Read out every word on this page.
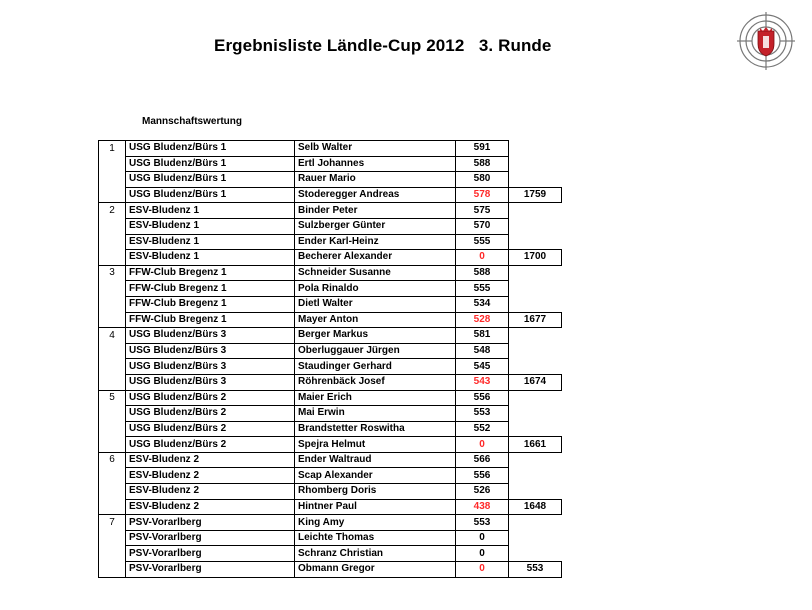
Ergebnisliste Ländle-Cup 2012   3. Runde
Mannschaftswertung
1	USG Bludenz/Bürs 1	Selb Walter	591	
	USG Bludenz/Bürs 1	Ertl Johannes	588	
	USG Bludenz/Bürs 1	Rauer Mario	580	
	USG Bludenz/Bürs 1	Stoderegger Andreas	578	1759
2	ESV-Bludenz 1	Binder Peter	575	
	ESV-Bludenz 1	Sulzberger Günter	570	
	ESV-Bludenz 1	Ender Karl-Heinz	555	
	ESV-Bludenz 1	Becherer Alexander	0	1700
3	FFW-Club Bregenz 1	Schneider Susanne	588	
	FFW-Club Bregenz 1	Pola Rinaldo	555	
	FFW-Club Bregenz 1	Dietl Walter	534	
	FFW-Club Bregenz 1	Mayer Anton	528	1677
4	USG Bludenz/Bürs 3	Berger Markus	581	
	USG Bludenz/Bürs 3	Oberluggauer Jürgen	548	
	USG Bludenz/Bürs 3	Staudinger Gerhard	545	
	USG Bludenz/Bürs 3	Röhrenbäck Josef	543	1674
5	USG Bludenz/Bürs 2	Maier Erich	556	
	USG Bludenz/Bürs 2	Mai Erwin	553	
	USG Bludenz/Bürs 2	Brandstetter Roswitha	552	
	USG Bludenz/Bürs 2	Spejra Helmut	0	1661
6	ESV-Bludenz 2	Ender Waltraud	566	
	ESV-Bludenz 2	Scap Alexander	556	
	ESV-Bludenz 2	Rhomberg Doris	526	
	ESV-Bludenz 2	Hintner Paul	438	1648
7	PSV-Vorarlberg	King Amy	553	
	PSV-Vorarlberg	Leichte Thomas	0	
	PSV-Vorarlberg	Schranz Christian	0	
	PSV-Vorarlberg	Obmann Gregor	0	553
